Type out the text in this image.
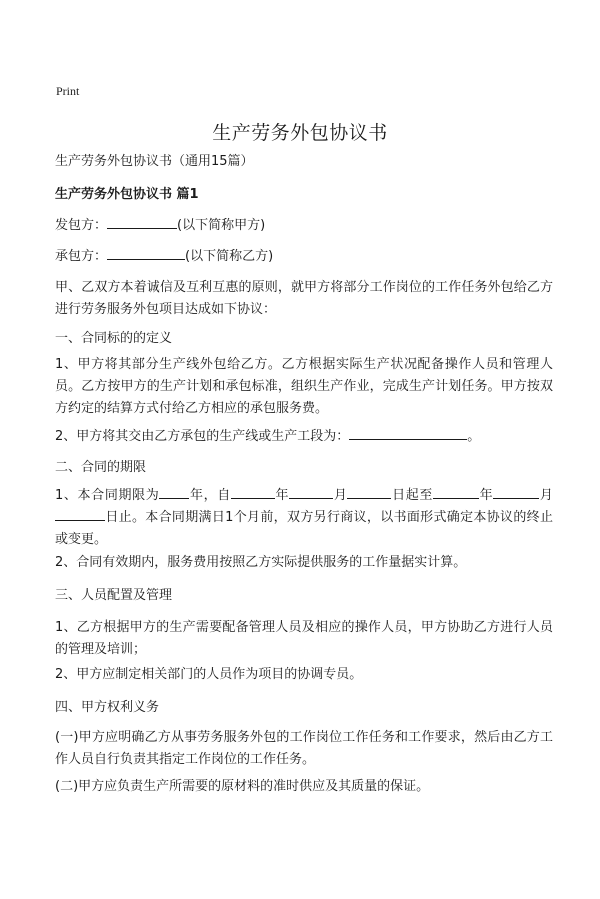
Print
生产劳务外包协议书

生产劳务外包协议书（通用15篇）

生产劳务外包协议书 篇1

发包方：	(以下简称甲方)

承包方：	(以下简称乙方)

甲、乙双方本着诚信及互利互惠的原则，就甲方将部分工作岗位的工作任务外包给乙方进行劳务服务外包项目达成如下协议：

一、合同标的的定义

1、甲方将其部分生产线外包给乙方。乙方根据实际生产状况配备操作人员和管理人员。乙方按甲方的生产计划和承包标准，组织生产作业，完成生产计划任务。甲方按双方约定的结算方式付给乙方相应的承包服务费。

2、甲方将其交由乙方承包的生产线或生产工段为：	。

二、合同的期限

1、本合同期限为 年，自	年	月	日起至	年	月日止。本合同期满日1个月前，双方另行商议，以书面形式确定本协议的终止或变更。

2、合同有效期内，服务费用按照乙方实际提供服务的工作量据实计算。

三、人员配置及管理

1、乙方根据甲方的生产需要配备管理人员及相应的操作人员，甲方协助乙方进行人员的管理及培训；

2、甲方应制定相关部门的人员作为项目的协调专员。

四、甲方权利义务

(一)甲方应明确乙方从事劳务服务外包的工作岗位工作任务和工作要求，然后由乙方工作人员自行负责其指定工作岗位的工作任务。

(二)甲方应负责生产所需要的原材料的准时供应及其质量的保证。
